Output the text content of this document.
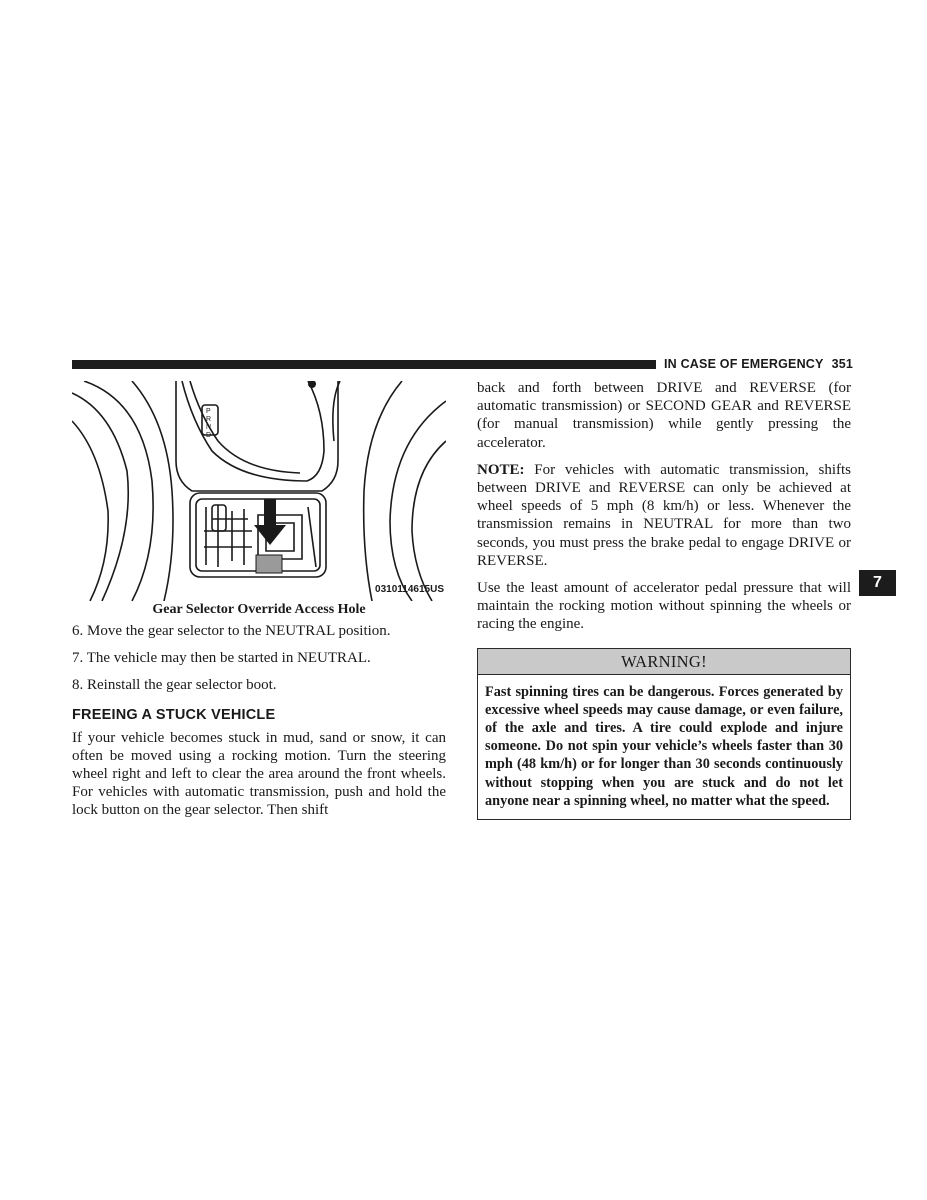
IN CASE OF EMERGENCY 351
P
R
N
D
0310114615US
Gear Selector Override Access Hole

6. Move the gear selector to the NEUTRAL position.

7. The vehicle may then be started in NEUTRAL.

8. Reinstall the gear selector boot.

FREEING A STUCK VEHICLE

If your vehicle becomes stuck in mud, sand or snow, it can often be moved using a rocking motion. Turn the steering wheel right and left to clear the area around the front wheels. For vehicles with automatic transmission, push and hold the lock button on the gear selector. Then shift

back and forth between DRIVE and REVERSE (for automatic transmission) or SECOND GEAR and REVERSE (for manual transmission) while gently pressing the accelerator.

NOTE: For vehicles with automatic transmission, shifts between DRIVE and REVERSE can only be achieved at wheel speeds of 5 mph (8 km/h) or less. Whenever the transmission remains in NEUTRAL for more than two seconds, you must press the brake pedal to engage DRIVE or REVERSE.

Use the least amount of accelerator pedal pressure that will maintain the rocking motion without spinning the wheels or racing the engine.

WARNING!
Fast spinning tires can be dangerous. Forces generated by excessive wheel speeds may cause damage, or even failure, of the axle and tires. A tire could explode and injure someone. Do not spin your vehicle’s wheels faster than 30 mph (48 km/h) or for longer than 30 seconds continuously without stopping when you are stuck and do not let anyone near a spinning wheel, no matter what the speed.
7
